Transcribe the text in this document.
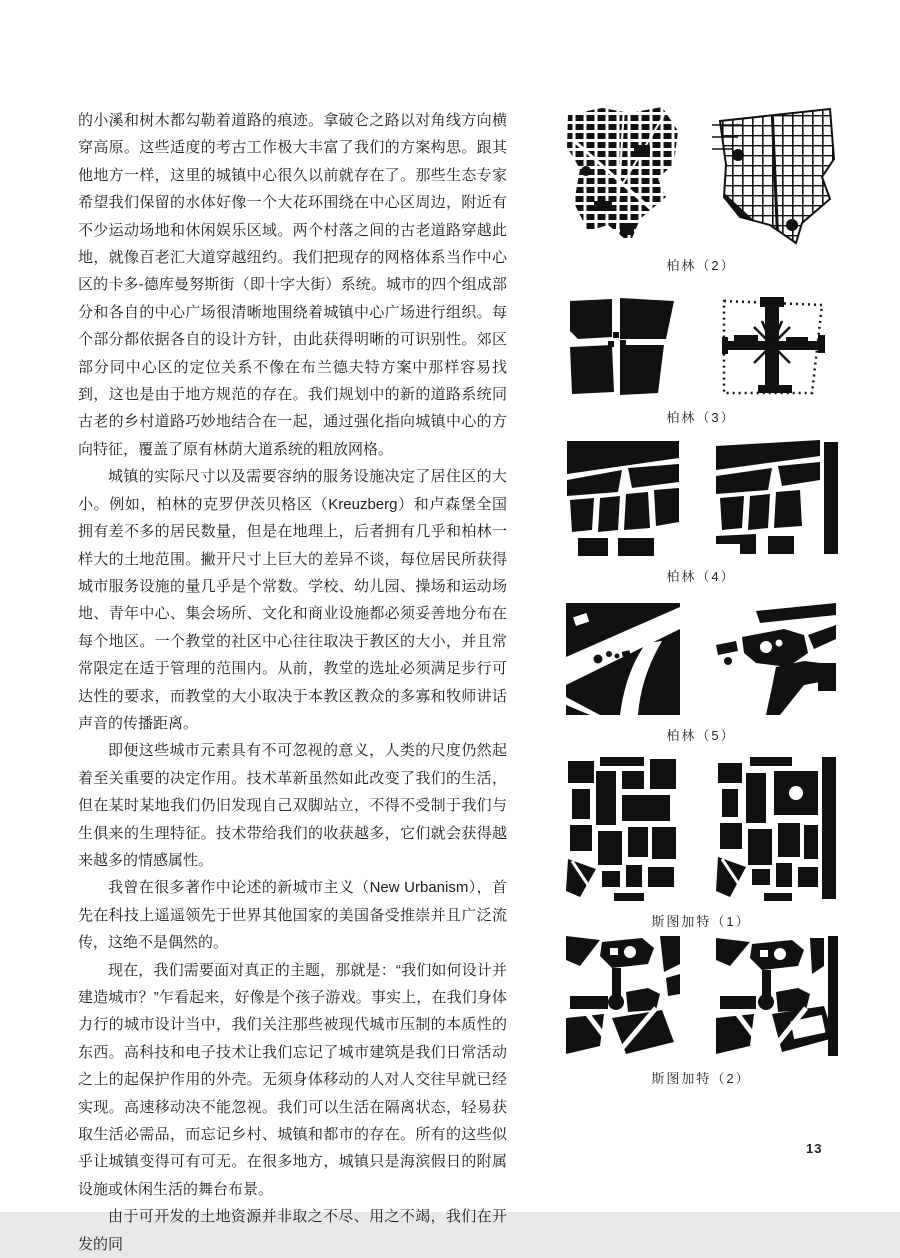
的小溪和树木都勾勒着道路的痕迹。拿破仑之路以对角线方向横穿高原。这些适度的考古工作极大丰富了我们的方案构思。跟其他地方一样，这里的城镇中心很久以前就存在了。那些生态专家希望我们保留的水体好像一个大花环围绕在中心区周边，附近有不少运动场地和休闲娱乐区域。两个村落之间的古老道路穿越此地，就像百老汇大道穿越纽约。我们把现存的网格体系当作中心区的卡多-德库曼努斯街（即十字大街）系统。城市的四个组成部分和各自的中心广场很清晰地围绕着城镇中心广场进行组织。每个部分都依据各自的设计方针，由此获得明晰的可识别性。郊区部分同中心区的定位关系不像在布兰德夫特方案中那样容易找到，这也是由于地方规范的存在。我们规划中的新的道路系统同古老的乡村道路巧妙地结合在一起，通过强化指向城镇中心的方向特征，覆盖了原有林荫大道系统的粗放网格。

城镇的实际尺寸以及需要容纳的服务设施决定了居住区的大小。例如，柏林的克罗伊茨贝格区（Kreuzberg）和卢森堡全国拥有差不多的居民数量，但是在地理上，后者拥有几乎和柏林一样大的土地范围。撇开尺寸上巨大的差异不谈，每位居民所获得城市服务设施的量几乎是个常数。学校、幼儿园、操场和运动场地、青年中心、集会场所、文化和商业设施都必须妥善地分布在每个地区。一个教堂的社区中心往往取决于教区的大小，并且常常限定在适于管理的范围内。从前，教堂的选址必须满足步行可达性的要求，而教堂的大小取决于本教区教众的多寡和牧师讲话声音的传播距离。

即便这些城市元素具有不可忽视的意义，人类的尺度仍然起着至关重要的决定作用。技术革新虽然如此改变了我们的生活，但在某时某地我们仍旧发现自己双脚站立，不得不受制于我们与生俱来的生理特征。技术带给我们的收获越多，它们就会获得越来越多的情感属性。

我曾在很多著作中论述的新城市主义（New Urbanism），首先在科技上遥遥领先于世界其他国家的美国备受推崇并且广泛流传，这绝不是偶然的。

现在，我们需要面对真正的主题，那就是：“我们如何设计并建造城市？”乍看起来，好像是个孩子游戏。事实上，在我们身体力行的城市设计当中，我们关注那些被现代城市压制的本质性的东西。高科技和电子技术让我们忘记了城市建筑是我们日常活动之上的起保护作用的外壳。无须身体移动的人对人交往早就已经实现。高速移动决不能忽视。我们可以生活在隔离状态，轻易获取生活必需品，而忘记乡村、城镇和都市的存在。所有的这些似乎让城镇变得可有可无。在很多地方，城镇只是海滨假日的附属设施或休闲生活的舞台布景。

由于可开发的土地资源并非取之不尽、用之不竭，我们在开发的同

柏林（2）
柏林（3）
柏林（4）
柏林（5）
斯图加特（1）
斯图加特（2）
13
